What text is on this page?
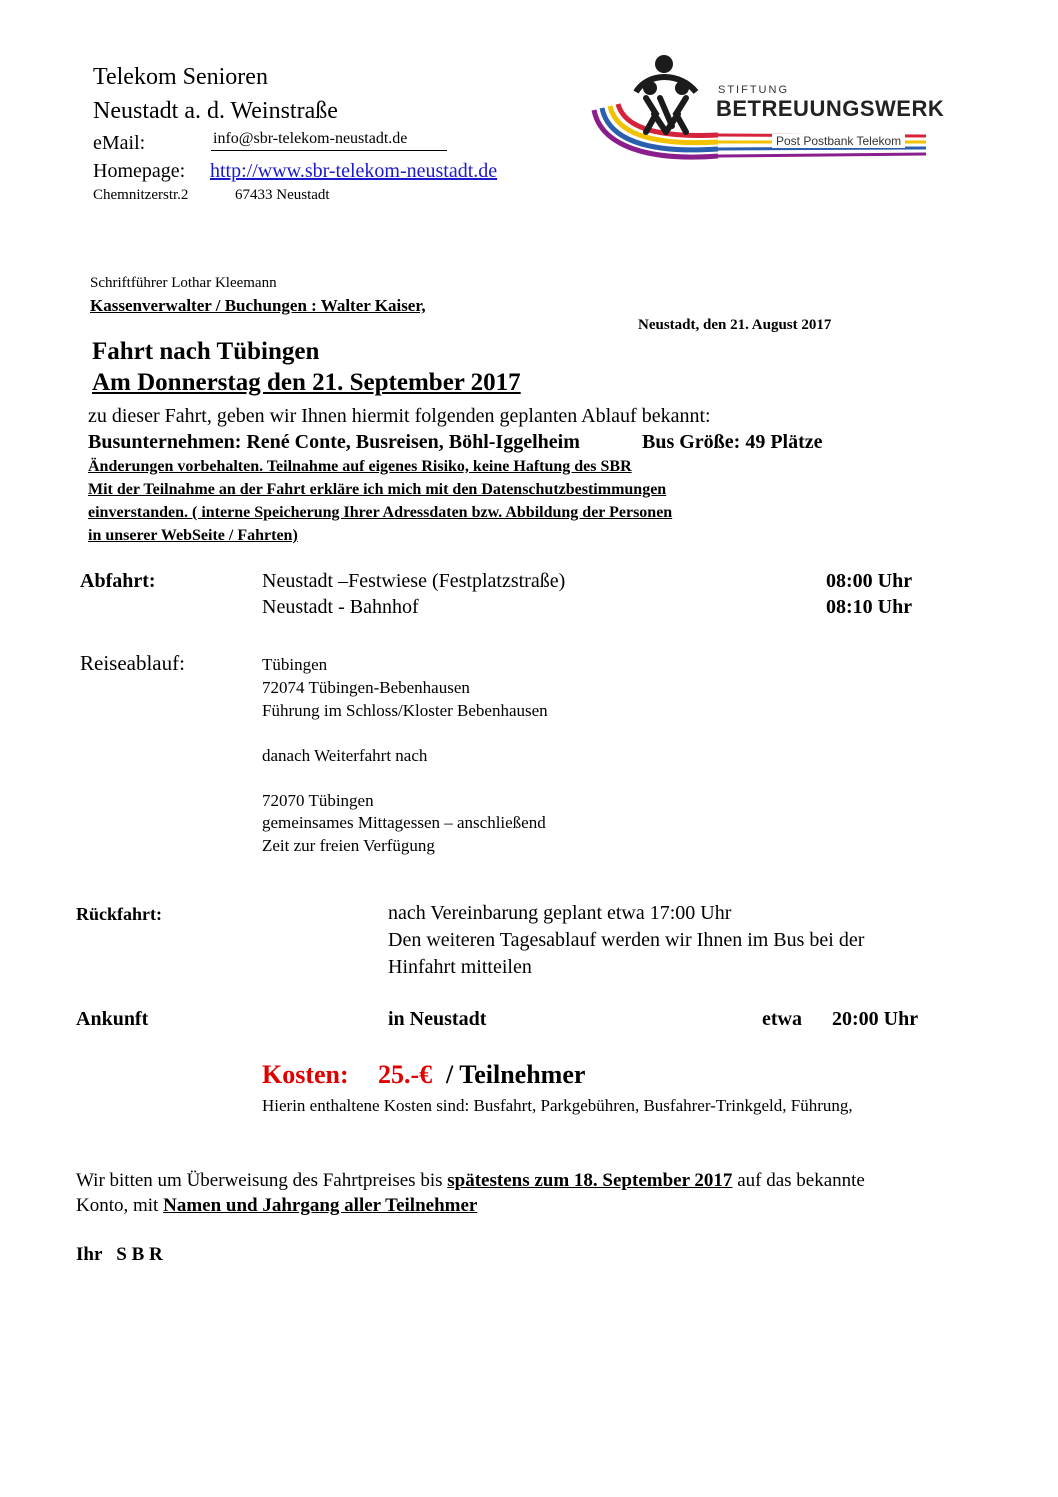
Telekom Senioren
Neustadt a. d. Weinstraße
eMail:	info@sbr-telekom-neustadt.de
Homepage: http://www.sbr-telekom-neustadt.de
Chemnitzerstr.2	67433 Neustadt
STIFTUNG
BETREUUNGSWERK
Post Postbank Telekom
Schriftführer Lothar Kleemann
Kassenverwalter / Buchungen : Walter Kaiser,
Neustadt, den 21. August 2017
Fahrt nach Tübingen
Am Donnerstag den 21. September 2017
zu dieser Fahrt, geben wir Ihnen hiermit folgenden geplanten Ablauf bekannt:
Busunternehmen: René Conte, Busreisen, Böhl-Iggelheim	Bus Größe: 49 Plätze
Änderungen vorbehalten. Teilnahme auf eigenes Risiko, keine Haftung des SBR
Mit der Teilnahme an der Fahrt erkläre ich mich mit den Datenschutzbestimmungen
einverstanden. ( interne Speicherung Ihrer Adressdaten bzw. Abbildung der Personen
in unserer WebSeite / Fahrten)
Abfahrt:	Neustadt –Festwiese (Festplatzstraße)	08:00 Uhr
Neustadt - Bahnhof	08:10 Uhr
Reiseablauf:	Tübingen
72074 Tübingen-Bebenhausen
Führung im Schloss/Kloster Bebenhausen
danach Weiterfahrt nach
72070 Tübingen
gemeinsames Mittagessen – anschließend
Zeit zur freien Verfügung
Rückfahrt:	nach Vereinbarung geplant etwa 17:00 Uhr
Den weiteren Tagesablauf werden wir Ihnen im Bus bei der
Hinfahrt mitteilen
Ankunft	in Neustadt	etwa 20:00 Uhr
Kosten: 25.-€ / Teilnehmer
Hierin enthaltene Kosten sind: Busfahrt, Parkgebühren, Busfahrer-Trinkgeld, Führung,
Wir bitten um Überweisung des Fahrtpreises bis spätestens zum 18. September 2017 auf das bekannte
Konto, mit Namen und Jahrgang aller Teilnehmer
Ihr   S B R
